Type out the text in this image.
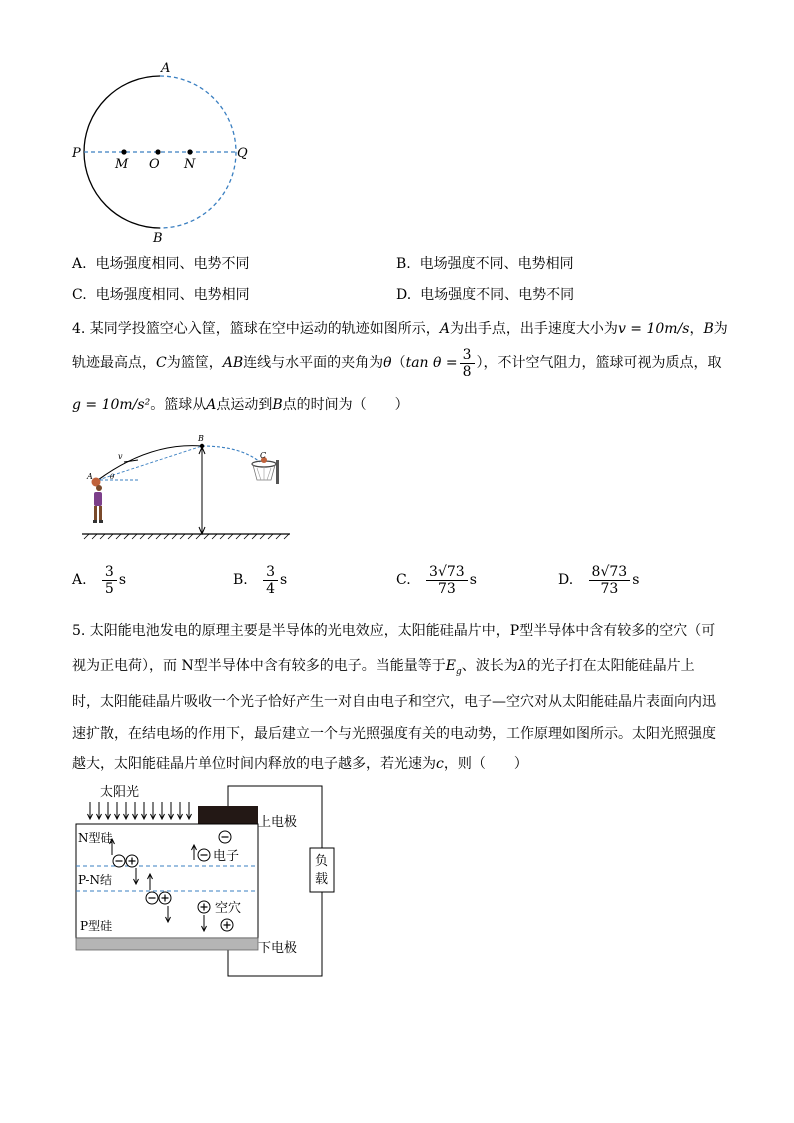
A
B
P	Q
M O N
A. 电场强度相同、电势不同	B. 电场强度不同、电势相同
C. 电场强度相同、电势相同	D. 电场强度不同、电势不同
4. 某同学投篮空心入筐，篮球在空中运动的轨迹如图所示，A为出手点，出手速度大小为v = 10m/s，B为
轨迹最高点，C为篮筐，AB连线与水平面的夹角为θ（tan $\theta = \frac{3}{8}$ ），不计空气阻力，篮球可视为质点，取
g = 10m/s²。篮球从A点运动到B点的时间为（　　）
A
B
C
v
θ
A. $\frac{3}{5}$ s	B. $\frac{3}{4}$ s	C. $\frac{3√73}{73}$ s	D. $\frac{8√73}{73}$ s
5. 太阳能电池发电的原理主要是半导体的光电效应，太阳能硅晶片中，P型半导体中含有较多的空穴（可
视为正电荷），而 N型半导体中含有较多的电子。当能量等于$E_g$、波长为λ的光子打在太阳能硅晶片上
时，太阳能硅晶片吸收一个光子恰好产生一对自由电子和空穴，电子—空穴对从太阳能硅晶片表面向内迅
速扩散，在结电场的作用下，最后建立一个与光照强度有关的电动势，工作原理如图所示。太阳光照强度
越大，太阳能硅晶片单位时间内释放的电子越多，若光速为c，则（　　）
太阳光
负
载
上电极
下电极
N型硅
P-N结
P型硅
电子
空穴
